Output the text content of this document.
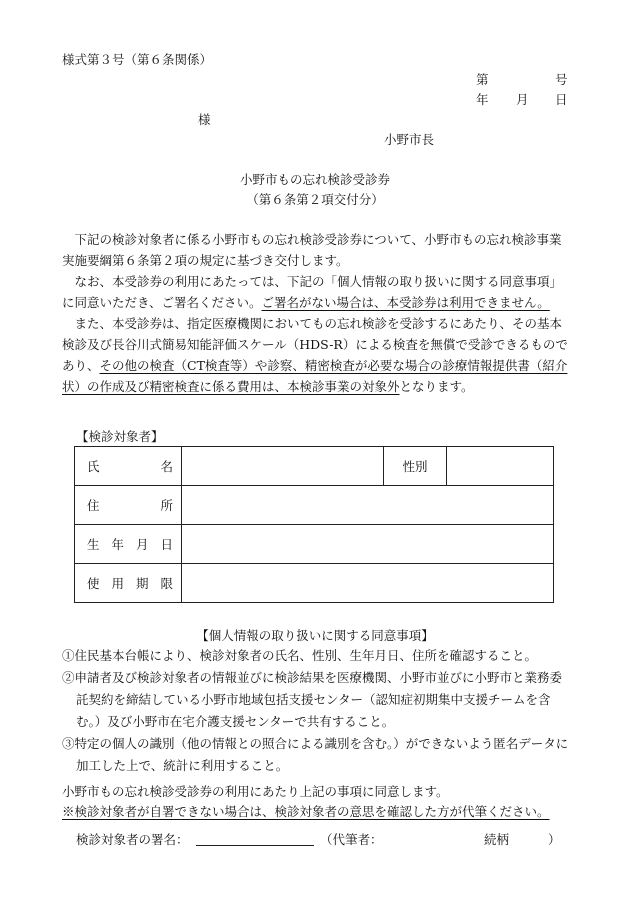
様式第３号（第６条関係）
第	号
年 月 日
様
小野市長
小野市もの忘れ検診受診券
（第６条第２項交付分）

下記の検診対象者に係る小野市もの忘れ検診受診券について、小野市もの忘れ検診事業実施要綱第６条第２項の規定に基づき交付します。

なお、本受診券の利用にあたっては、下記の「個人情報の取り扱いに関する同意事項」に同意いただき、ご署名ください。ご署名がない場合は、本受診券は利用できません。

また、本受診券は、指定医療機関においてもの忘れ検診を受診するにあたり、その基本検診及び長谷川式簡易知能評価スケール（HDS-R）による検査を無償で受診できるものであり、その他の検査（CT検査等）や診察、精密検査が必要な場合の診療情報提供書（紹介状）の作成及び精密検査に係る費用は、本検診事業の対象外となります。

【検診対象者】
氏名		性別	

住所			

生年月日			

使用期限			

【個人情報の取り扱いに関する同意事項】
①住民基本台帳により、検診対象者の氏名、性別、生年月日、住所を確認すること。
②申請者及び検診対象者の情報並びに検診結果を医療機関、小野市並びに小野市と業務委託契約を締結している小野市地域包括支援センター（認知症初期集中支援チームを含む。）及び小野市在宅介護支援センターで共有すること。
③特定の個人の識別（他の情報との照合による識別を含む。）ができないよう匿名データに加工した上で、統計に利用すること。
小野市もの忘れ検診受診券の利用にあたり上記の事項に同意します。
※検診対象者が自署できない場合は、検診対象者の意思を確認した方が代筆ください。
検診対象者の署名：	（代筆者：	続柄	）
